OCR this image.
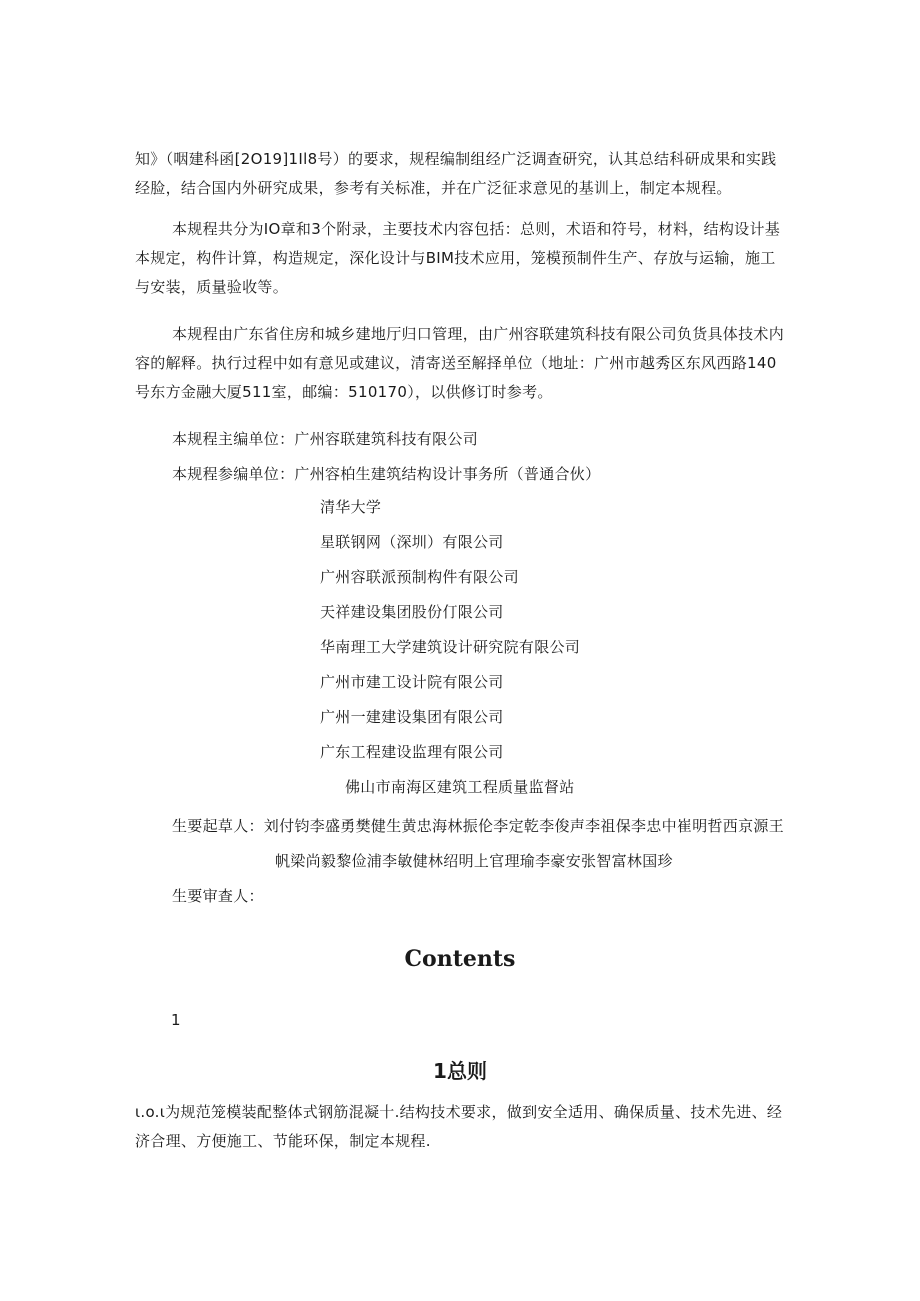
知》（咽建科函[2O19]1Il8号）的要求，规程编制组经广泛调查研究，认其总结科研成果和实践经脸，结合国内外研究成果，参考有关标准，并在广泛征求意见的基训上，制定本规程。

本规程共分为IO章和3个附录，主要技术内容包括：总则，术语和符号，材料，结构设计基本规定，构件计算，构造规定，深化设计与BIM技术应用，笼模预制件生产、存放与运输，施工与安装，质量验收等。

本规程由广东省住房和城乡建地厅归口管理，由广州容联建筑科技有限公司负货具体技术内容的解释。执行过程中如有意见或建议，清寄送至解择单位（地址：广州市越秀区东风西路140号东方金融大厦511室，邮编：510170），以供修订时参考。

本规程主编单位：广州容联建筑科技有限公司

本规程参编单位：广州容柏生建筑结构设计事务所（普通合伙）

清华大学

星联钢网（深圳）有限公司

广州容联派预制构件有限公司

天祥建设集团股份仃限公司

华南理工大学建筑设计研究院有限公司

广州市建工设计院有限公司

广州一建建设集团有限公司

广东工程建设监理有限公司

佛山市南海区建筑工程质量监督站

生要起草人：刘付钧李盛勇樊健生黄忠海林振伦李定乾李俊声李祖保李忠中崔明哲西京源王

帆梁尚毅黎俭浦李敏健林绍明上官理瑜李豪安张智富林国珍

生要审查人：

Contents

1

1总则

ι.o.ι为规范笼模装配整体式钢筋混凝十.结构技术要求，做到安全适用、确保质量、技术先进、经济合理、方便施工、节能环保，制定本规程.
